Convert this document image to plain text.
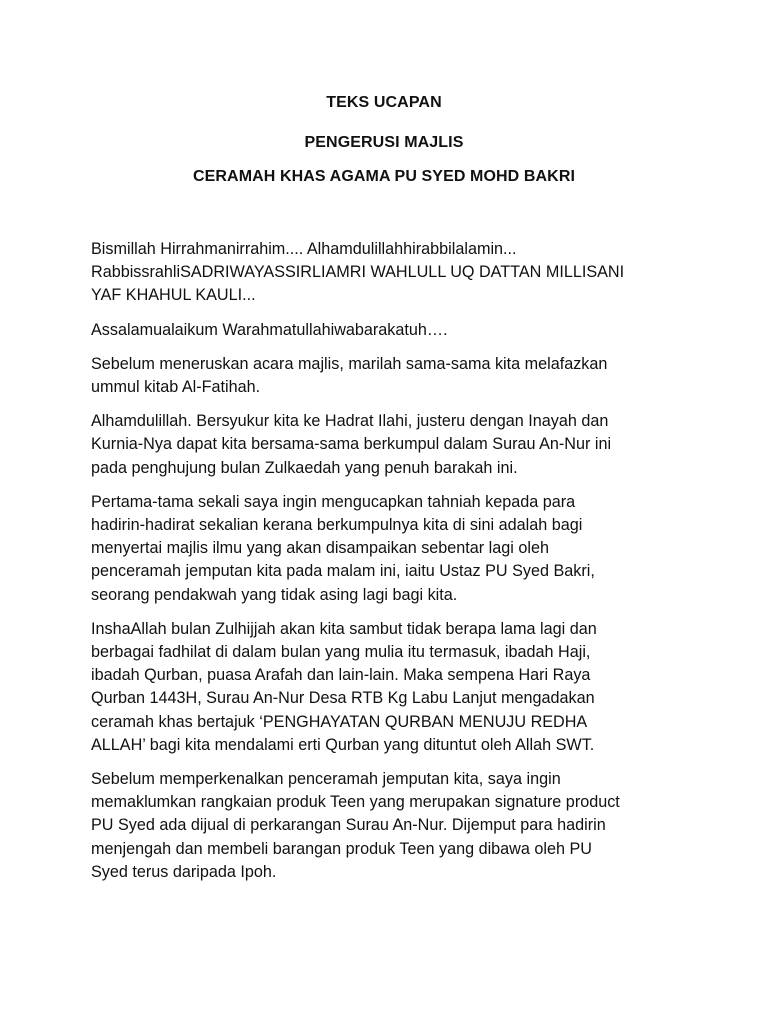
TEKS UCAPAN
PENGERUSI MAJLIS
CERAMAH KHAS AGAMA PU SYED MOHD BAKRI

Bismillah Hirrahmanirrahim.... Alhamdulillahhirabbilalamin...
RabbissrahliSADRIWAYASSIRLIAMRI WAHLULL UQ DATTAN MILLISANI
YAF KHAHUL KAULI...

Assalamualaikum Warahmatullahiwabarakatuh….

Sebelum meneruskan acara majlis, marilah sama-sama kita melafazkan
ummul kitab Al-Fatihah.

Alhamdulillah. Bersyukur kita ke Hadrat Ilahi, justeru dengan Inayah dan
Kurnia-Nya dapat kita bersama-sama berkumpul dalam Surau An-Nur ini
pada penghujung bulan Zulkaedah yang penuh barakah ini.

Pertama-tama sekali saya ingin mengucapkan tahniah kepada para
hadirin-hadirat sekalian kerana berkumpulnya kita di sini adalah bagi
menyertai majlis ilmu yang akan disampaikan sebentar lagi oleh
penceramah jemputan kita pada malam ini, iaitu Ustaz PU Syed Bakri,
seorang pendakwah yang tidak asing lagi bagi kita.

InshaAllah bulan Zulhijjah akan kita sambut tidak berapa lama lagi dan
berbagai fadhilat di dalam bulan yang mulia itu termasuk, ibadah Haji,
ibadah Qurban, puasa Arafah dan lain-lain. Maka sempena Hari Raya
Qurban 1443H, Surau An-Nur Desa RTB Kg Labu Lanjut mengadakan
ceramah khas bertajuk ‘PENGHAYATAN QURBAN MENUJU REDHA
ALLAH’ bagi kita mendalami erti Qurban yang dituntut oleh Allah SWT.

Sebelum memperkenalkan penceramah jemputan kita, saya ingin
memaklumkan rangkaian produk Teen yang merupakan signature product
PU Syed ada dijual di perkarangan Surau An-Nur. Dijemput para hadirin
menjengah dan membeli barangan produk Teen yang dibawa oleh PU
Syed terus daripada Ipoh.
